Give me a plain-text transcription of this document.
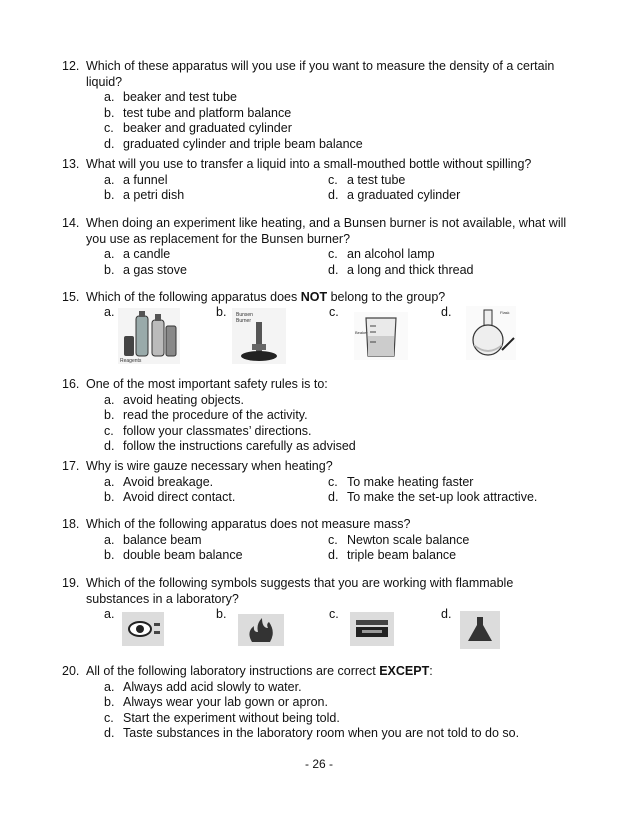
12. Which of these apparatus will you use if you want to measure the density of a certain
liquid?
a. beaker and test tube
b. test tube and platform balance
c. beaker and graduated cylinder
d. graduated cylinder and triple beam balance
13. What will you use to transfer a liquid into a small-mouthed bottle without spilling?
a. a funnel	c. a test tube
b. a petri dish	d. a graduated cylinder
14. When doing an experiment like heating, and a Bunsen burner is not available, what will
you use as replacement for the Bunsen burner?
a. a candle	c. an alcohol lamp
b. a gas stove	d. a long and thick thread
15. Which of the following apparatus does NOT belong to the group?
a.	b.	c.	d.
Reagents
Bunsen
Burner
Beaker
Flask
16. One of the most important safety rules is to:
a. avoid heating objects.
b. read the procedure of the activity.
c. follow your classmates’ directions.
d. follow the instructions carefully as advised
17. Why is wire gauze necessary when heating?
a. Avoid breakage.	c. To make heating faster
b. Avoid direct contact.	d. To make the set-up look attractive.
18. Which of the following apparatus does not measure mass?
a. balance beam	c. Newton scale balance
b. double beam balance	d. triple beam balance
19. Which of the following symbols suggests that you are working with flammable
substances in a laboratory?
a.	b.	c.	d.
20. All of the following laboratory instructions are correct EXCEPT:
a. Always add acid slowly to water.
b. Always wear your lab gown or apron.
c. Start the experiment without being told.
d. Taste substances in the laboratory room when you are not told to do so.
- 26 -
